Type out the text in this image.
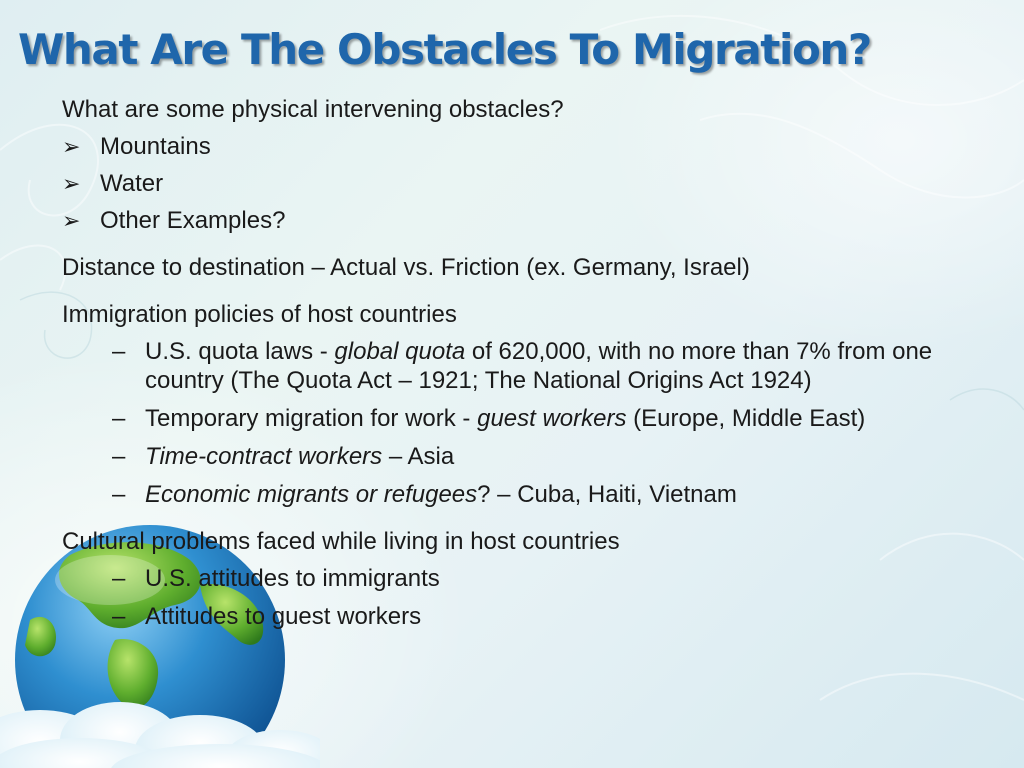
What Are The Obstacles To Migration?

What are some physical intervening obstacles?

➢ Mountains
➢ Water
➢ Other Examples?

Distance to destination – Actual vs. Friction (ex. Germany, Israel)

Immigration policies of host countries

– U.S. quota laws - global quota of 620,000, with no more than 7% from one country (The Quota Act – 1921; The National Origins Act 1924)
– Temporary migration for work - guest workers (Europe, Middle East)
– Time-contract workers – Asia
– Economic migrants or refugees? – Cuba, Haiti, Vietnam

Cultural problems faced while living in host countries

– U.S. attitudes to immigrants
– Attitudes to guest workers
